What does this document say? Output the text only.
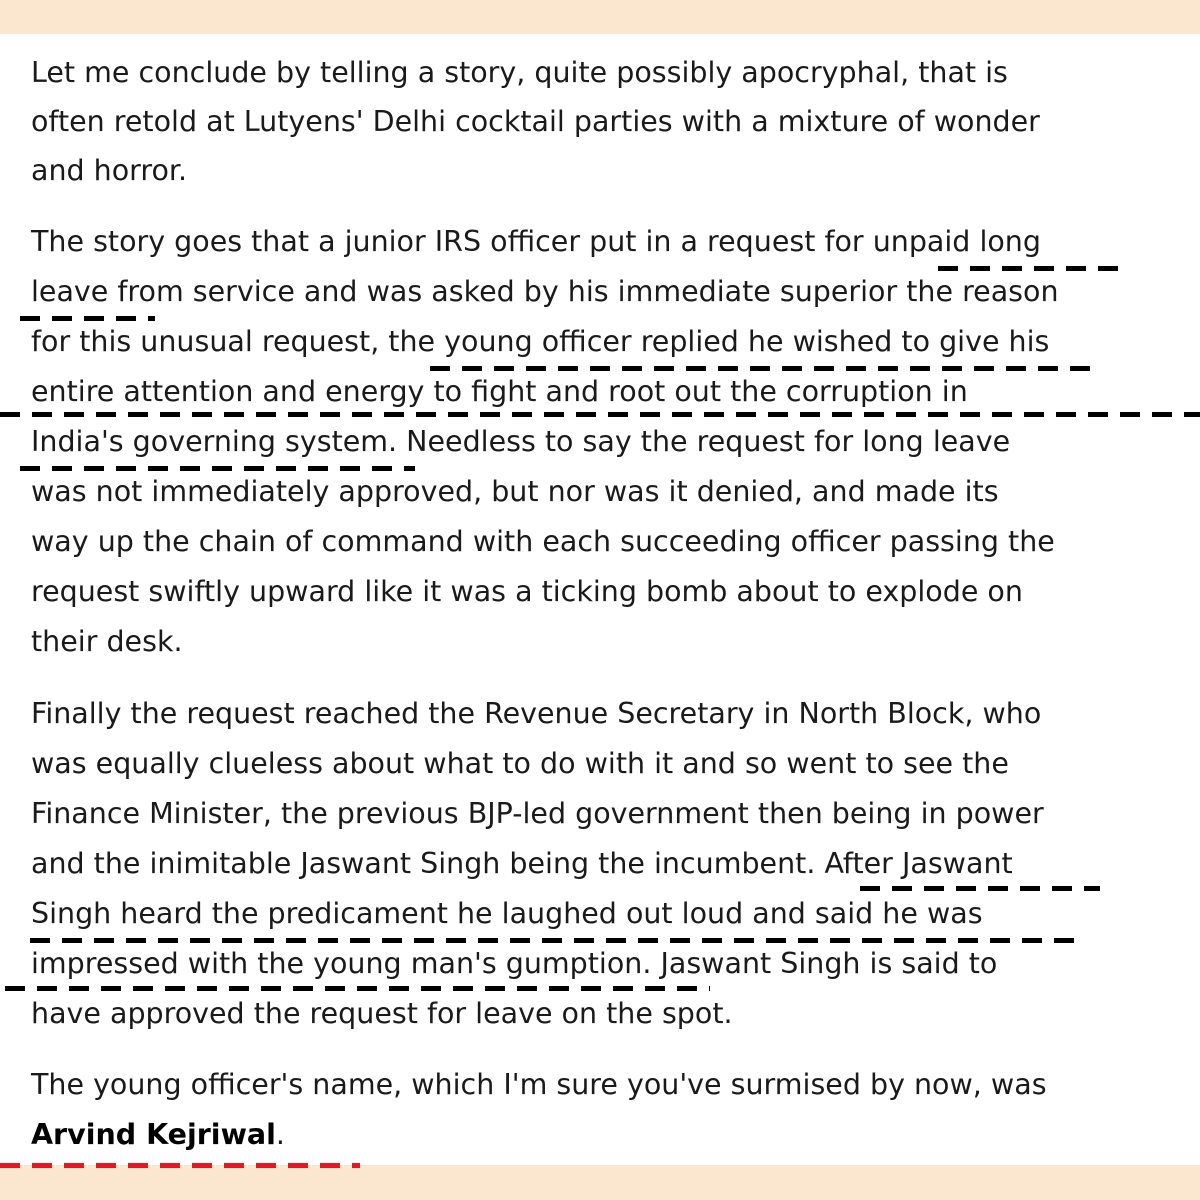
Let me conclude by telling a story, quite possibly apocryphal, that is
often retold at Lutyens' Delhi cocktail parties with a mixture of wonder
and horror.
The story goes that a junior IRS officer put in a request for unpaid long
leave from service and was asked by his immediate superior the reason
for this unusual request, the young officer replied he wished to give his
entire attention and energy to fight and root out the corruption in
India's governing system. Needless to say the request for long leave
was not immediately approved, but nor was it denied, and made its
way up the chain of command with each succeeding officer passing the
request swiftly upward like it was a ticking bomb about to explode on
their desk.
Finally the request reached the Revenue Secretary in North Block, who
was equally clueless about what to do with it and so went to see the
Finance Minister, the previous BJP-led government then being in power
and the inimitable Jaswant Singh being the incumbent. After Jaswant
Singh heard the predicament he laughed out loud and said he was
impressed with the young man's gumption. Jaswant Singh is said to
have approved the request for leave on the spot.
The young officer's name, which I'm sure you've surmised by now, was
Arvind Kejriwal.
